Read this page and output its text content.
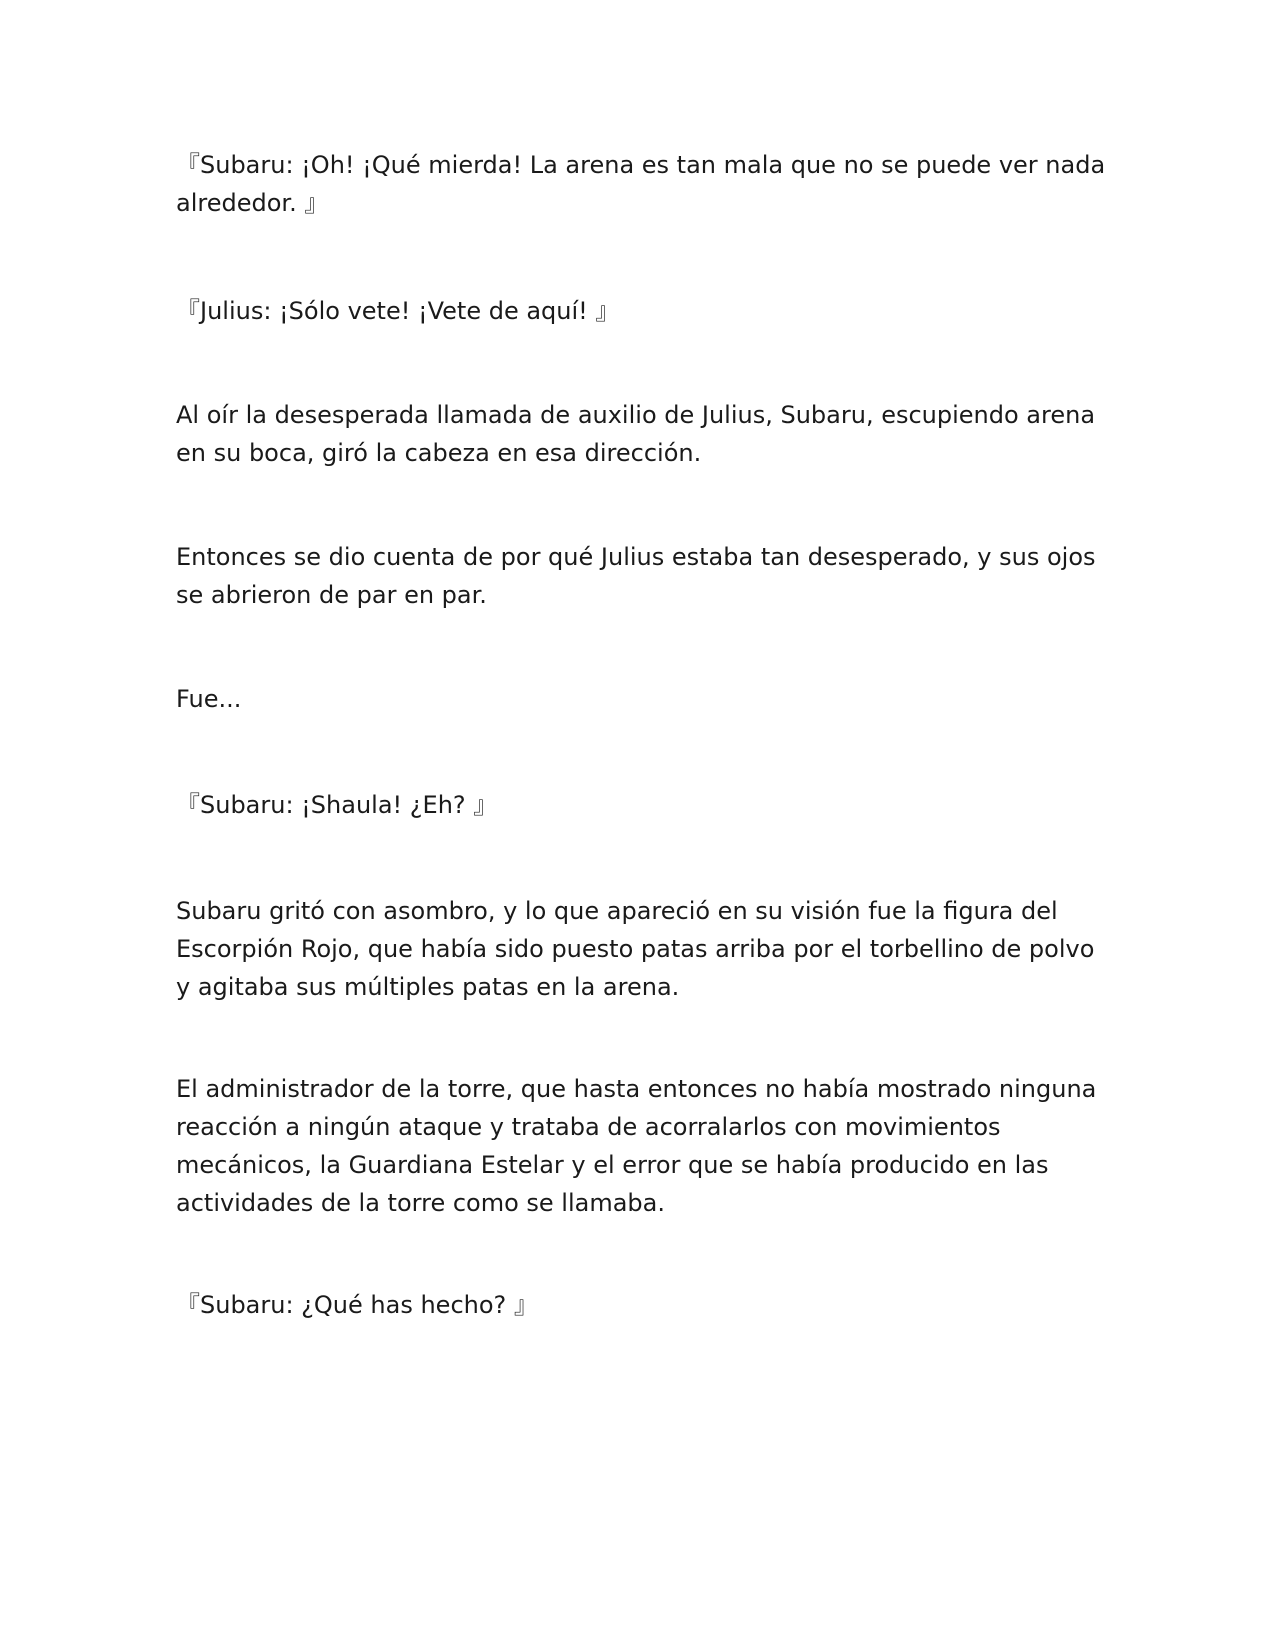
『Subaru: ¡Oh! ¡Qué mierda! La arena es tan mala que no se puede ver nada
alrededor. 』

『Julius: ¡Sólo vete! ¡Vete de aquí! 』

Al oír la desesperada llamada de auxilio de Julius, Subaru, escupiendo arena
en su boca, giró la cabeza en esa dirección.

Entonces se dio cuenta de por qué Julius estaba tan desesperado, y sus ojos
se abrieron de par en par.

Fue...

『Subaru: ¡Shaula! ¿Eh? 』

Subaru gritó con asombro, y lo que apareció en su visión fue la figura del
Escorpión Rojo, que había sido puesto patas arriba por el torbellino de polvo
y agitaba sus múltiples patas en la arena.

El administrador de la torre, que hasta entonces no había mostrado ninguna
reacción a ningún ataque y trataba de acorralarlos con movimientos
mecánicos, la Guardiana Estelar y el error que se había producido en las
actividades de la torre como se llamaba.

『Subaru: ¿Qué has hecho? 』
